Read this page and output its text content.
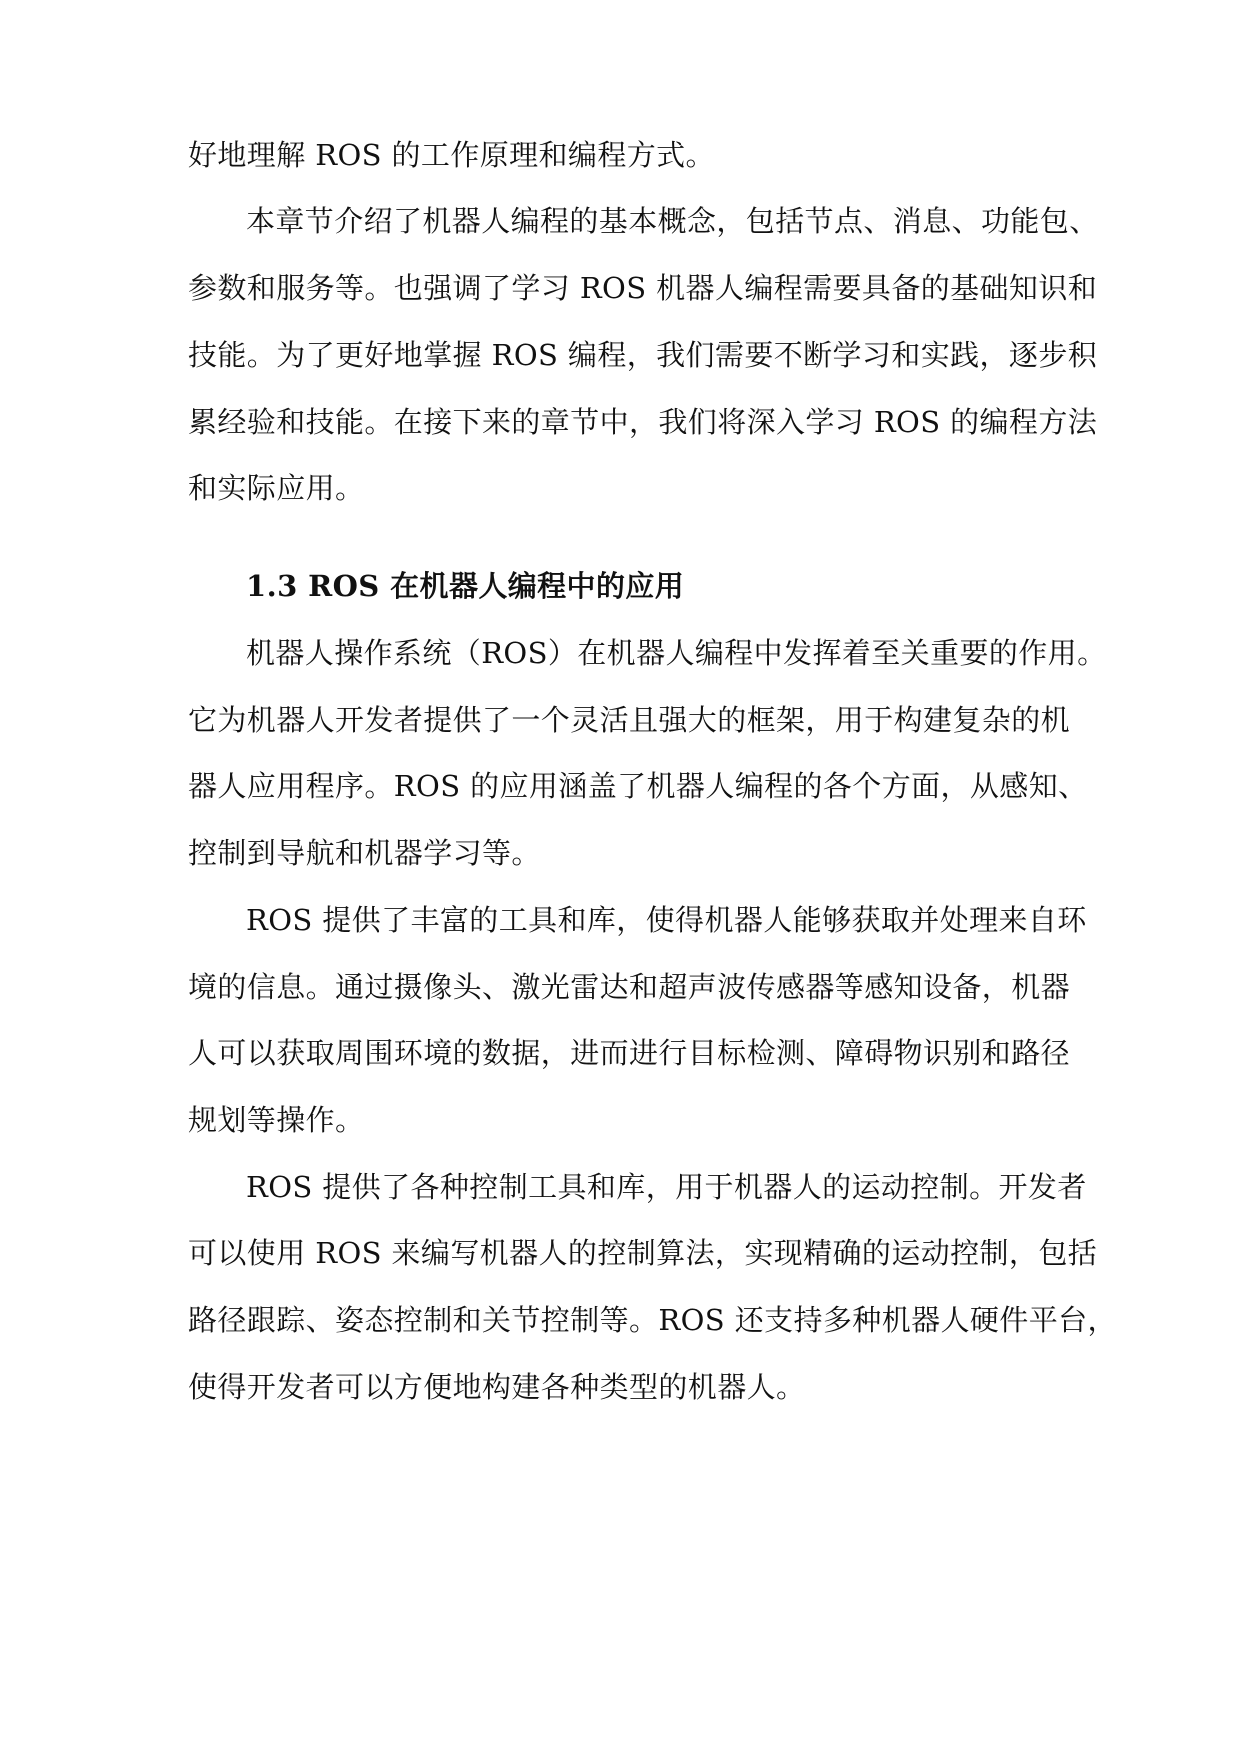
好地理解 ROS 的工作原理和编程方式。
本章节介绍了机器人编程的基本概念，包括节点、消息、功能包、
参数和服务等。也强调了学习 ROS 机器人编程需要具备的基础知识和
技能。为了更好地掌握 ROS 编程，我们需要不断学习和实践，逐步积
累经验和技能。在接下来的章节中，我们将深入学习 ROS 的编程方法
和实际应用。
1.3 ROS 在机器人编程中的应用
机器人操作系统（ROS）在机器人编程中发挥着至关重要的作用。
它为机器人开发者提供了一个灵活且强大的框架，用于构建复杂的机
器人应用程序。ROS 的应用涵盖了机器人编程的各个方面，从感知、
控制到导航和机器学习等。
ROS 提供了丰富的工具和库，使得机器人能够获取并处理来自环
境的信息。通过摄像头、激光雷达和超声波传感器等感知设备，机器
人可以获取周围环境的数据，进而进行目标检测、障碍物识别和路径
规划等操作。
ROS 提供了各种控制工具和库，用于机器人的运动控制。开发者
可以使用 ROS 来编写机器人的控制算法，实现精确的运动控制，包括
路径跟踪、姿态控制和关节控制等。ROS 还支持多种机器人硬件平台，
使得开发者可以方便地构建各种类型的机器人。
